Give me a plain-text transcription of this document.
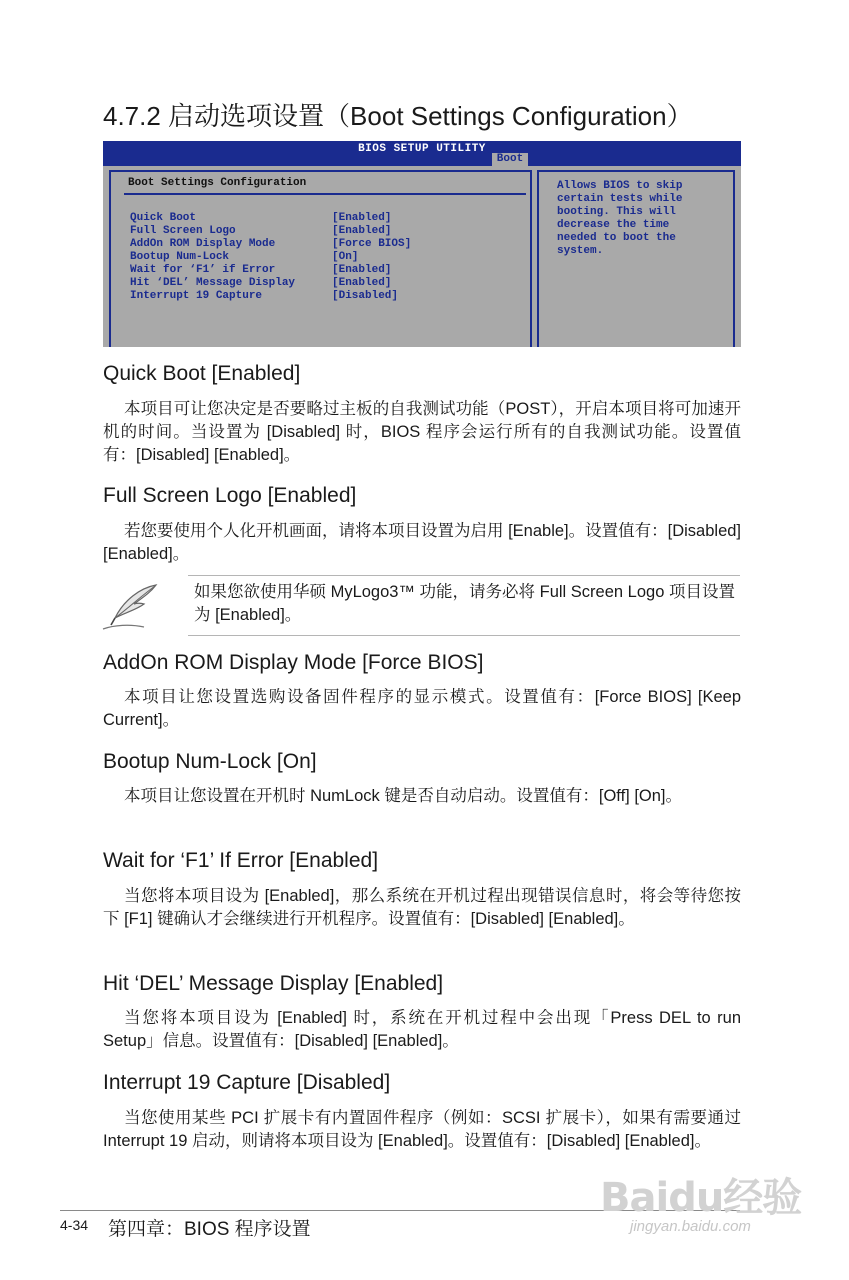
4.7.2 启动选项设置（Boot Settings Configuration）
BIOS SETUP UTILITY
Boot
Boot Settings Configuration
Quick Boot	[Enabled]
Full Screen Logo	[Enabled]
AddOn ROM Display Mode	[Force BIOS]
Bootup Num-Lock	[On]
Wait for ‘F1’ if Error	[Enabled]
Hit ‘DEL’ Message Display	[Enabled]
Interrupt 19 Capture	[Disabled]

Allows BIOS to skip
certain tests while
booting. This will
decrease the time
needed to boot the
system.

Quick Boot [Enabled]

本项目可让您决定是否要略过主板的自我测试功能（POST），开启本项目将可加速开机的时间。当设置为 [Disabled] 时，BIOS 程序会运行所有的自我测试功能。设置值有：[Disabled] [Enabled]。

Full Screen Logo [Enabled]

若您要使用个人化开机画面，请将本项目设置为启用 [Enable]。设置值有：[Disabled] [Enabled]。

如果您欲使用华硕 MyLogo3™ 功能，请务必将 Full Screen Logo 项目设置为 [Enabled]。

AddOn ROM Display Mode [Force BIOS]

本项目让您设置选购设备固件程序的显示模式。设置值有：[Force BIOS] [Keep Current]。

Bootup Num-Lock [On]

本项目让您设置在开机时 NumLock 键是否自动启动。设置值有：[Off] [On]。

Wait for ‘F1’ If Error [Enabled]

当您将本项目设为 [Enabled]，那么系统在开机过程出现错误信息时，将会等待您按下 [F1] 键确认才会继续进行开机程序。设置值有：[Disabled] [Enabled]。

Hit ‘DEL’ Message Display [Enabled]

当您将本项目设为 [Enabled] 时，系统在开机过程中会出现「Press DEL to run Setup」信息。设置值有：[Disabled] [Enabled]。

Interrupt 19 Capture [Disabled]

当您使用某些 PCI 扩展卡有内置固件程序（例如：SCSI 扩展卡），如果有需要通过 Interrupt 19 启动，则请将本项目设为 [Enabled]。设置值有：[Disabled] [Enabled]。

4-34 第四章：BIOS 程序设置
Baidu经验
jingyan.baidu.com
